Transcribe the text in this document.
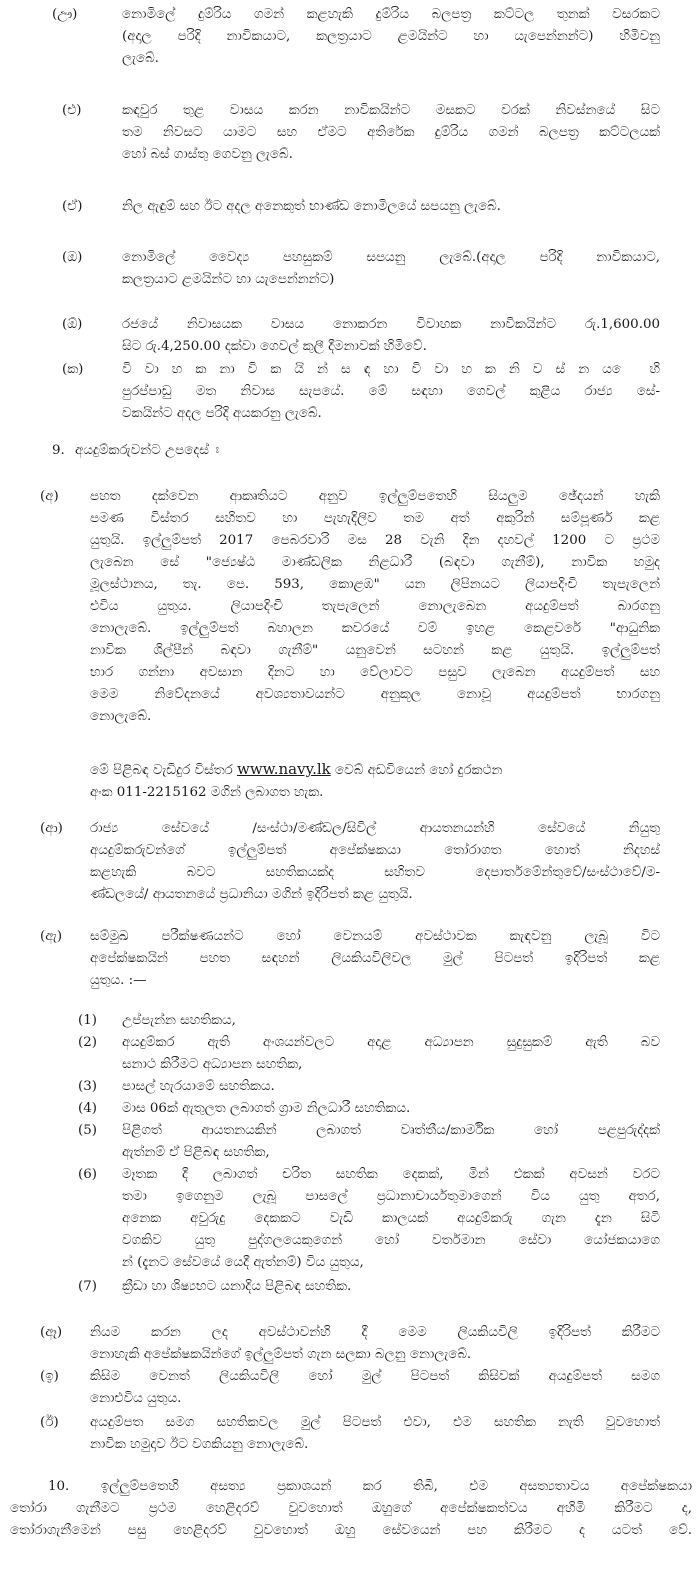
(ඌ)	නොමිලේ දුම්රිය ගමන් කළහැකි දුම්රිය බලපත්‍ර කට්ටල තුනක් වසරකට
(අදාල පරිදි නාවිකයාට, කලත්‍රයාට ළමයින්ට හා යැපෙන්නන්ට) හිමිවනු
ලැබේ.
(එ)	කඳවුර තුළ වාසය කරන නාවිකයින්ට මසකට වරක් නිවස්නයේ සිට
තම නිවසට යාමට සහ ඒමට අතිරේක දුම්රිය ගමන් බලපත්‍ර කට්ටලයක්
හෝ බස් ගාස්තු ගෙවනු ලැබේ.
(ඒ)	නිල ඇඳුම් සහ ඊට අදල අනෙකුත් භාණ්ඩ නොමිලයේ සපයනු ලැබේ.
(ඔ)	නොමිලේ වෛද්‍ය පහසුකම් සපයනු ලැබේ.(අදාල පරිදි නාවිකයාට,
කලත්‍රයාට ළමයින්ට හා යැපෙන්නන්ට)
(ඕ)	රජයේ නිවාසයක වාසය නොකරන විවාහක නාවිකයින්ට රු.1,600.00
සිට රු.4,250.00 දක්වා ගෙවල් කුලී දීමනාවක් හිමිවේ.
(ක)	වි වා හ ක නා වි ක යි න් ස ඳ හා වි වා හ ක නි ව ස් න ය ෙ හි
පුරප්පාඩු මත නිවාස සැපයේ. මේ සඳහා ගෙවල් කුළිය රාජ්‍ය සේ-
වකයින්ට අදල පරිදි අයකරනු ලැබේ.
9. අයදුම්කරුවන්ට උපදෙස් ඃ
(අ) පහත දක්වෙන ආකෘතියට අනුව ඉල්ලුම්පතෙහි සියලුම ඡේදයන් හැකි
පමණ විස්තර සහිතව හා පැහැදිලිව තම අත් අකුරින් සම්පූර්ණ කළ
යුතුයි. ඉල්ලුම්පත් 2017 පෙබරවාරි මස 28 වැනි දින දහවල් 1200 ට ප්‍රථම
ලැබෙන සේ "ජ්‍යෙෂ්ඨ මාණ්ඩලික නිළධාරී (බඳවා ගැනීම්), නාවික හමුද
මූලස්ථානය, තැ. පෙ. 593, කොළඹ" යන ලිපිනයට ලියාපදිංචි තැපැලෙන්
එවිය යුතුය. ලියාපදිංචි තැපැලෙන් නොලැබෙන අයදුම්පත් බාරගනු
නොලැබේ. ඉල්ලුම්පත් බහාලන කවරයේ වම් ඉහළ කෙළවරේ "ආධුනික
නාවික ශිල්පීන් බඳවා ගැනීම්" යනුවෙන් සටහන් කළ යුතුයි. ඉල්ලුම්පත්
භාර ගන්නා අවසාන දිනට හා වේලාවට පසුව ලැබෙන අයදුම්පත් සහ
මෙම නිවේදනයේ අවශ්‍යතාවයන්ට අනුකූල නොවූ අයදුම්පත් භාරගනු
නොලැබේ.
මේ පිළිබඳ වැඩිදුර විස්තර www.navy.lk වෙබ් අඩවියෙන් හෝ දුරකථන
අංක 011-2215162 මගින් ලබාගත හැක.
(ආ) රාජ්‍ය සේවයේ /සංස්ථා/මණ්ඩල/සිවිල් ආයතනයන්හි සේවයේ නියුතු
අයදුම්කරුවන්ගේ ඉල්ලුම්පත් අපේක්ෂකයා තෝරාගත හොත් නිදහස්
කළහැකි බවට සහතිකයක්ද සහිතව දෙපාර්තමේන්තුවේ/සංස්ථාවේ/ම-
ණ්ඩලයේ/ ආයතනයේ ප්‍රධානියා මගින් ඉදිරිපත් කළ යුතුයි.
(ඇ) සම්මුඛ පරීක්ෂණයන්ට හෝ වෙනයම් අවස්ථාවක කැඳවනු ලැබූ විට
අපේක්ෂකයින් පහත සඳහන් ලියකියවිලිවල මුල් පිටපත් ඉදිරිපත් කළ
යුතුය. :—
(1) උප්පැන්න සහතිකය,
(2) අයදුම්කර ඇති අංශයන්වලට අදාළ අධ්‍යාපන සුදුසුකම් ඇති බව
සනාථ කිරීමට අධ්‍යාපන සහතික,
(3) පාසල් හැරයාමේ සහතිකය.
(4) මාස 06ක් ඇතුලත ලබාගත් ග්‍රාම නිලධාරී සහතිකය.
(5) පිළිගත් ආයතනයකින් ලබාගත් වෘත්තීය/කාර්මික හෝ පළපුරුද්දක්
ඇත්නම් ඒ පිළිබඳ සහතික,
(6) මෑතක දී ලබාගත් චරිත සහතික දෙකක්, මින් එකක් අවසන් වරට
තමා ඉගෙනුම ලැබූ පාසලේ ප්‍රධානාචාර්යතුමාගෙන් විය යුතු අතර,
අනෙක අවුරුදු දෙකකට වැඩි කාලයක් අයදුම්කරු ගැන දැන සිටි
වගකිව යුතු පුද්ගලයෙකුගෙන් හෝ වර්තමාන සේවා යෝජකයාගෙ
න් (දැනට සේවයේ යෙදී ඇත්නම්) විය යුතුය,
(7) ක්‍රීඩා හා ශිෂ්‍යභට යනාදිය පිළිබඳ සහතික.
(ඈ) නියම කරන ලද අවස්ථාවන්හි දී මෙම ලියකියවිලි ඉදිරිපත් කිරීමට
නොහැකි අපේක්ෂකයින්ගේ ඉල්ලුම්පත් ගැන සලකා බලනු නොලැබේ.
(ඉ) කිසිම වෙනත් ලියකියවිලි හෝ මුල් පිටපත් කිසිවක් අයදුම්පත් සමග
නොඑවිය යුතුය.
(ඊ) අයදුම්පත සමග සහතිකවල මුල් පිටපත් එවා, එම සහතික නැති වුවහොත්
නාවික හමුදාව ඊට වගකියනු නොලැබේ.
10. ඉල්ලුම්පතෙහි අසත්‍ය ප්‍රකාශයන් කර තිබී, එම අසත්‍යතාවය අපේක්ෂකයා
තෝරා ගැනීමට ප්‍රථම හෙළිදරව් වුවහොත් ඔහුගේ අපේක්ෂකත්වය අහිමි කිරීමට ද,
තෝරාගැනීමෙන් පසු හෙළිදරව් වුවහොත් ඔහු සේවයෙන් පහ කිරීමට ද යටත් වේ.
